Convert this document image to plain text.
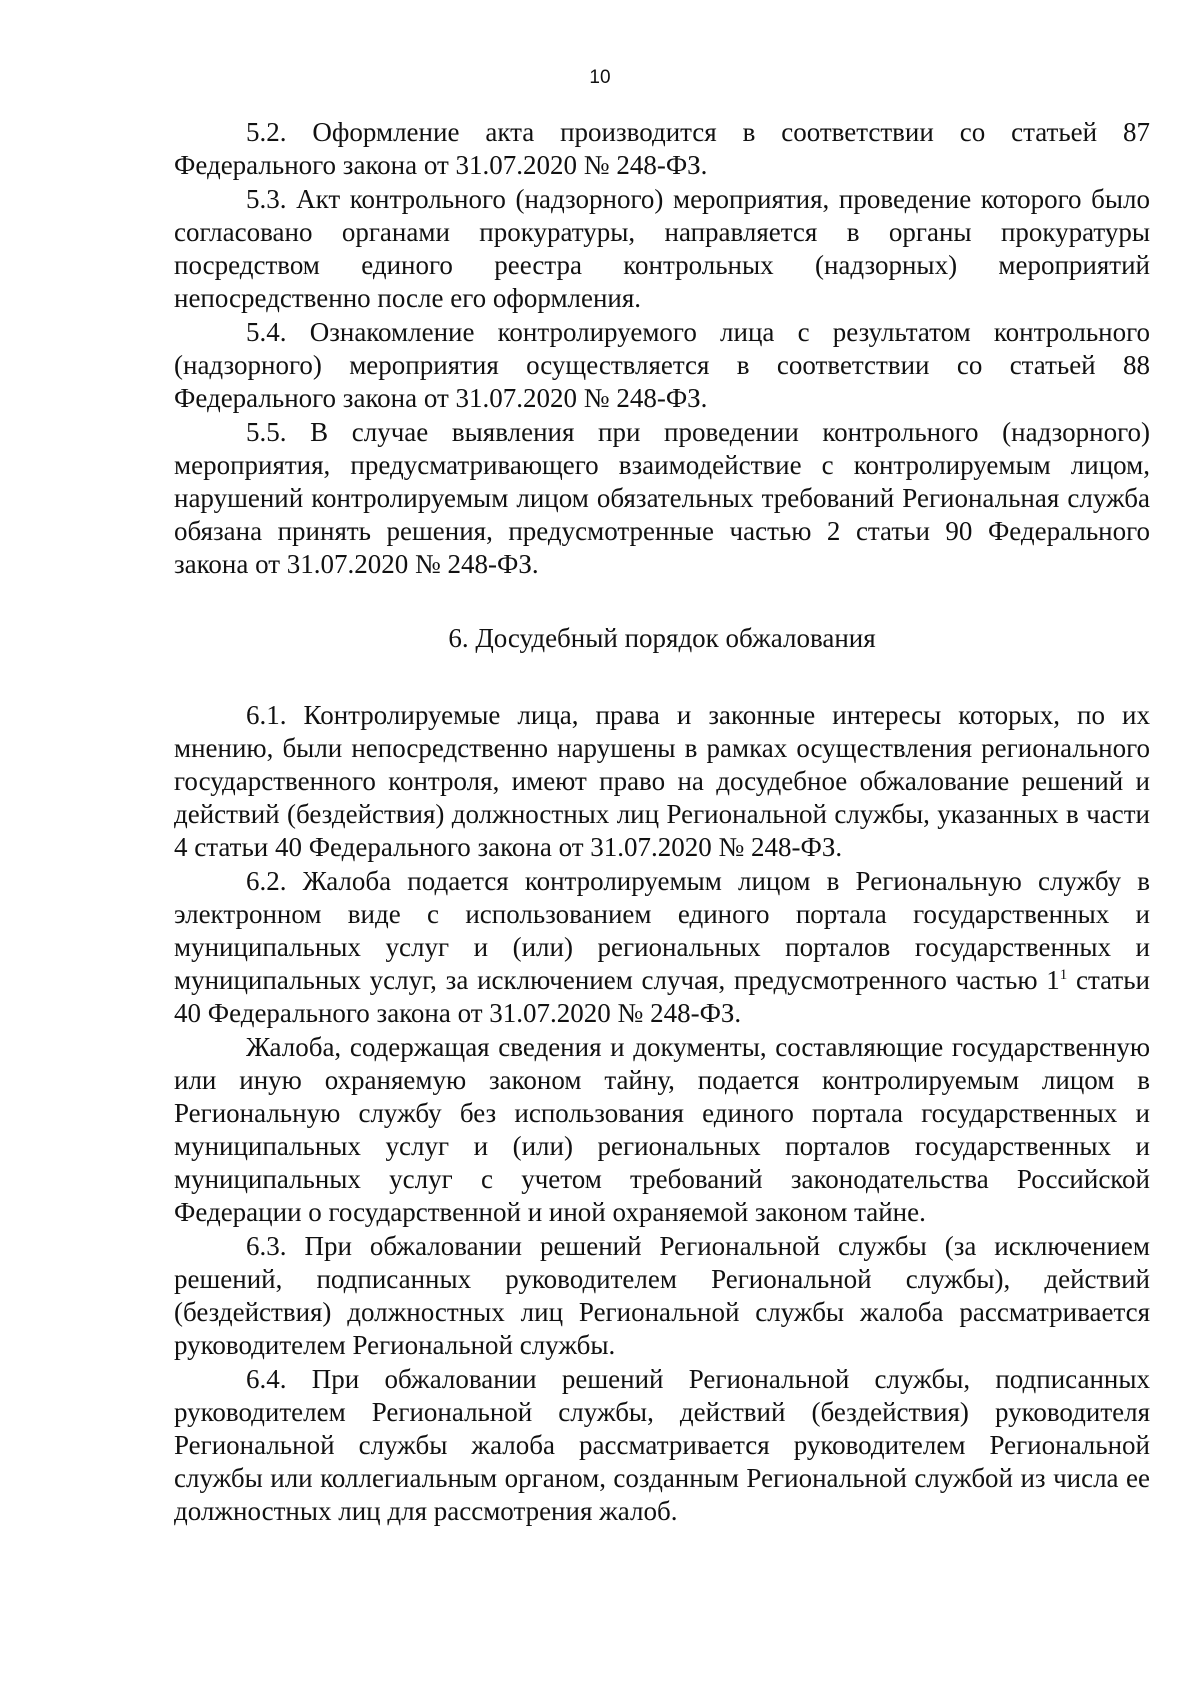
10

5.2. Оформление акта производится в соответствии со статьей 87 Федерального закона от 31.07.2020 № 248-ФЗ.

5.3. Акт контрольного (надзорного) мероприятия, проведение которого было согласовано органами прокуратуры, направляется в органы прокуратуры посредством единого реестра контрольных (надзорных) мероприятий непосредственно после его оформления.

5.4. Ознакомление контролируемого лица с результатом контрольного (надзорного) мероприятия осуществляется в соответствии со статьей 88 Федерального закона от 31.07.2020 № 248-ФЗ.

5.5. В случае выявления при проведении контрольного (надзорного) мероприятия, предусматривающего взаимодействие с контролируемым лицом, нарушений контролируемым лицом обязательных требований Региональная служба обязана принять решения, предусмотренные частью 2 статьи 90 Федерального закона от 31.07.2020 № 248-ФЗ.

6. Досудебный порядок обжалования

6.1. Контролируемые лица, права и законные интересы которых, по их мнению, были непосредственно нарушены в рамках осуществления регионального государственного контроля, имеют право на досудебное обжалование решений и действий (бездействия) должностных лиц Региональной службы, указанных в части 4 статьи 40 Федерального закона от 31.07.2020 № 248-ФЗ.

6.2. Жалоба подается контролируемым лицом в Региональную службу в электронном виде с использованием единого портала государственных и муниципальных услуг и (или) региональных порталов государственных и муниципальных услуг, за исключением случая, предусмотренного частью $1^1$ статьи 40 Федерального закона от 31.07.2020 № 248-ФЗ.

Жалоба, содержащая сведения и документы, составляющие государственную или иную охраняемую законом тайну, подается контролируемым лицом в Региональную службу без использования единого портала государственных и муниципальных услуг и (или) региональных порталов государственных и муниципальных услуг с учетом требований законодательства Российской Федерации о государственной и иной охраняемой законом тайне.

6.3. При обжаловании решений Региональной службы (за исключением решений, подписанных руководителем Региональной службы), действий (бездействия) должностных лиц Региональной службы жалоба рассматривается руководителем Региональной службы.

6.4. При обжаловании решений Региональной службы, подписанных руководителем Региональной службы, действий (бездействия) руководителя Региональной службы жалоба рассматривается руководителем Региональной службы или коллегиальным органом, созданным Региональной службой из числа ее должностных лиц для рассмотрения жалоб.
